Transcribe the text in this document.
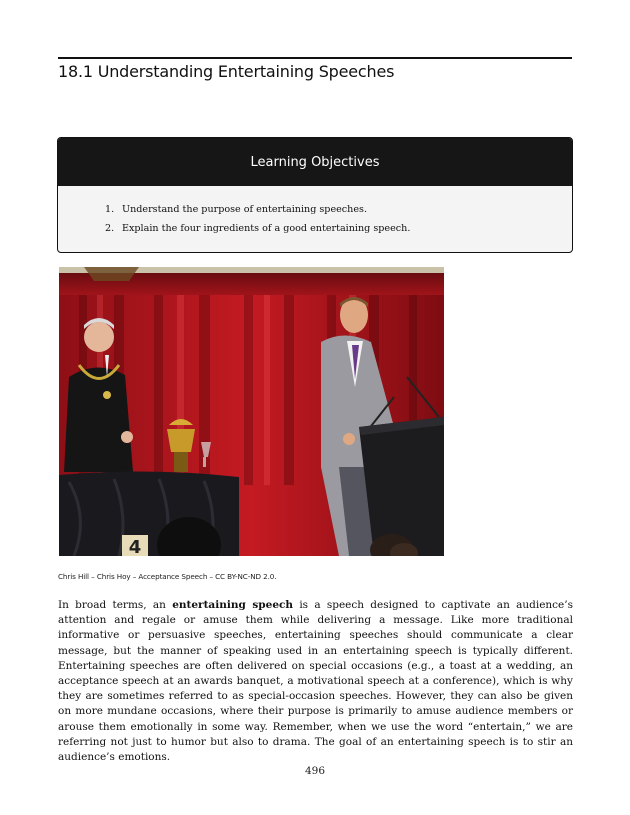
18.1 Understanding Entertaining Speeches
Learning Objectives
1. Understand the purpose of entertaining speeches.
2. Explain the four ingredients of a good entertaining speech.
4
Chris Hill – Chris Hoy – Acceptance Speech – CC BY-NC-ND 2.0.

In broad terms, an entertaining speech is a speech designed to captivate an audience’s attention and regale or amuse them while delivering a message. Like more traditional informative or persuasive speeches, entertaining speeches should communicate a clear message, but the manner of speaking used in an entertaining speech is typically different. Entertaining speeches are often delivered on special occasions (e.g., a toast at a wedding, an acceptance speech at an awards banquet, a motivational speech at a conference), which is why they are sometimes referred to as special-occasion speeches. However, they can also be given on more mundane occasions, where their purpose is primarily to amuse audience members or arouse them emotionally in some way. Remember, when we use the word “entertain,” we are referring not just to humor but also to drama. The goal of an entertaining speech is to stir an audience’s emotions.

496
